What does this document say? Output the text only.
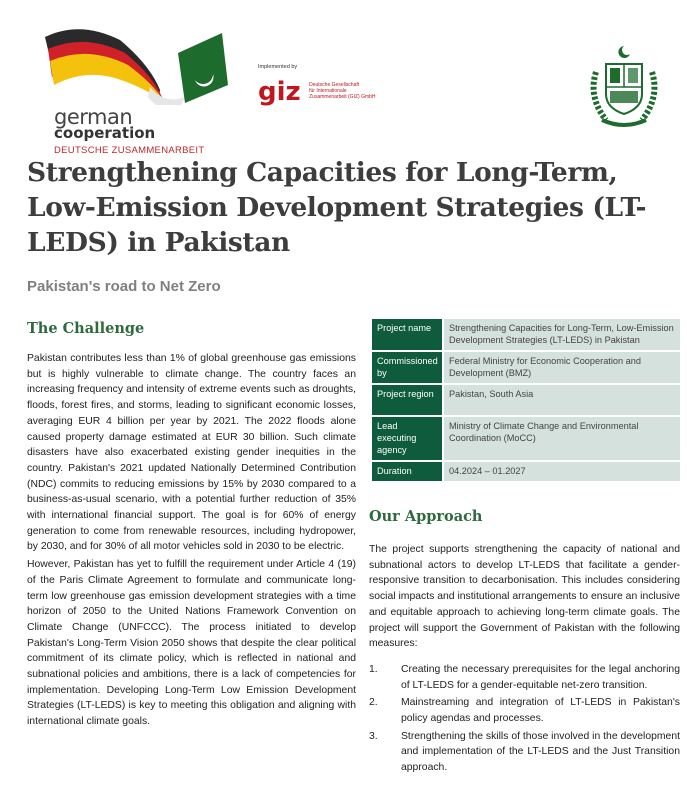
german
cooperation
DEUTSCHE ZUSAMMENARBEIT
Implemented by
giz Deutsche Gesellschaft
für Internationale
Zusammenarbeit (GIZ) GmbH
Strengthening Capacities for Long-Term, Low-Emission Development Strategies (LT-LEDS) in Pakistan
Pakistan's road to Net Zero
The Challenge

Pakistan contributes less than 1% of global greenhouse gas emissions but is highly vulnerable to climate change. The country faces an increasing frequency and intensity of extreme events such as droughts, floods, forest fires, and storms, leading to significant economic losses, averaging EUR 4 billion per year by 2021. The 2022 floods alone caused property damage estimated at EUR 30 billion. Such climate disasters have also exacerbated existing gender inequities in the country. Pakistan's 2021 updated Nationally Determined Contribution (NDC) commits to reducing emissions by 15% by 2030 compared to a business-as-usual scenario, with a potential further reduction of 35% with international financial support. The goal is for 60% of energy generation to come from renewable resources, including hydropower, by 2030, and for 30% of all motor vehicles sold in 2030 to be electric.

However, Pakistan has yet to fulfill the requirement under Article 4 (19) of the Paris Climate Agreement to formulate and communicate long-term low greenhouse gas emission development strategies with a time horizon of 2050 to the United Nations Framework Convention on Climate Change (UNFCCC). The process initiated to develop Pakistan's Long-Term Vision 2050 shows that despite the clear political commitment of its climate policy, which is reflected in national and subnational policies and ambitions, there is a lack of competencies for implementation. Developing Long-Term Low Emission Development Strategies (LT-LEDS) is key to meeting this obligation and aligning with international climate goals.

Project name	Strengthening Capacities for Long-Term, Low-Emission Development Strategies (LT-LEDS) in Pakistan
Commissioned by	Federal Ministry for Economic Cooperation and Development (BMZ)
Project region	Pakistan, South Asia
Lead executing agency	Ministry of Climate Change and Environmental Coordination (MoCC)
Duration	04.2024 – 01.2027
Our Approach

The project supports strengthening the capacity of national and subnational actors to develop LT-LEDS that facilitate a gender-responsive transition to decarbonisation. This includes considering social impacts and institutional arrangements to ensure an inclusive and equitable approach to achieving long-term climate goals. The project will support the Government of Pakistan with the following measures:

1.	Creating the necessary prerequisites for the legal anchoring of LT-LEDS for a gender-equitable net-zero transition.
2.	Mainstreaming and integration of LT-LEDS in Pakistan's policy agendas and processes.
3.	Strengthening the skills of those involved in the development and implementation of the LT-LEDS and the Just Transition approach.
